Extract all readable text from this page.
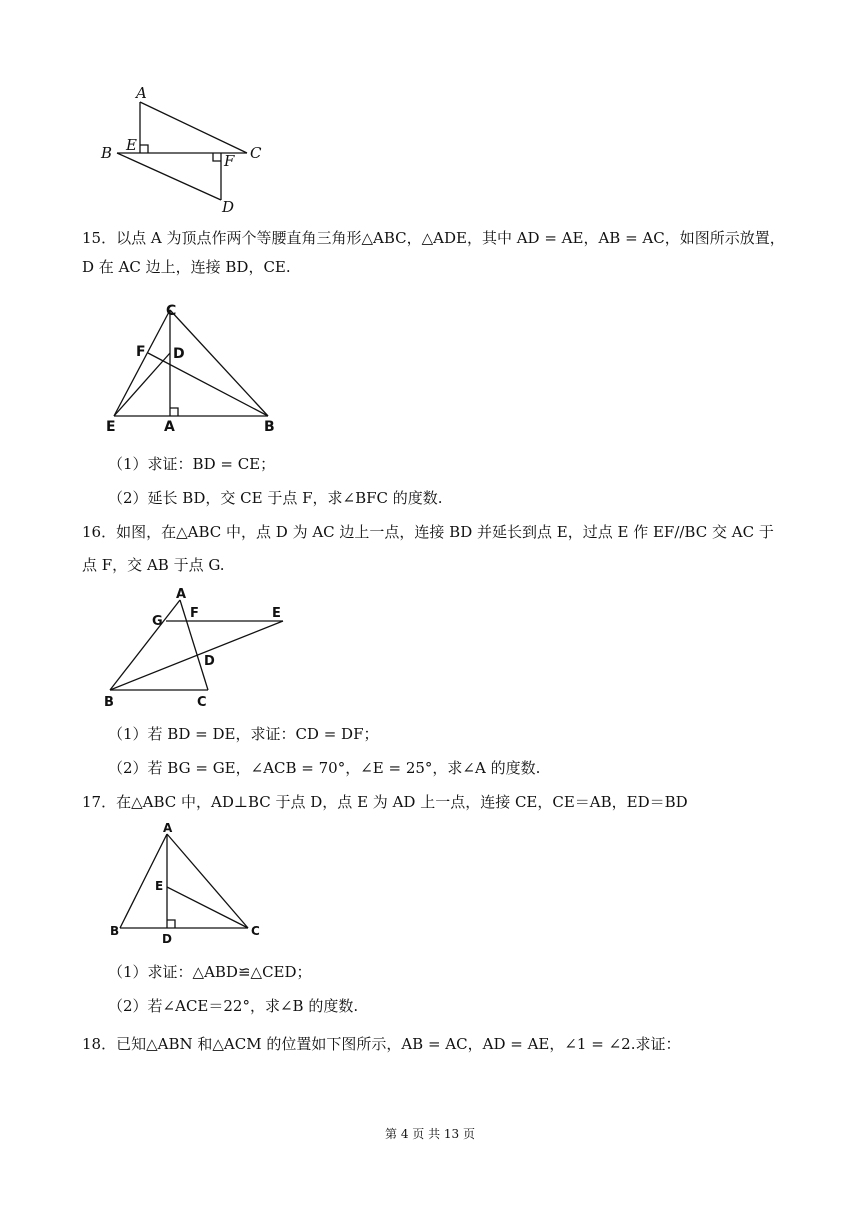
A
B	C
D
E
F
15．以点 A 为顶点作两个等腰直角三角形△ABC，△ADE，其中 AD = AE，AB = AC，如图所示放置，
D 在 AC 边上，连接 BD，CE.
C
F D
E	A	B
（1）求证：BD = CE；
（2）延长 BD，交 CE 于点 F，求∠BFC 的度数.
16．如图，在△ABC 中，点 D 为 AC 边上一点，连接 BD 并延长到点 E，过点 E 作 EF//BC 交 AC 于
点 F，交 AB 于点 G.
A
G
F	E
D
B	C
（1）若 BD = DE，求证：CD = DF；
（2）若 BG = GE，∠ACB = 70°，∠E = 25°，求∠A 的度数.
17．在△ABC 中，AD⊥BC 于点 D，点 E 为 AD 上一点，连接 CE，CE＝AB，ED＝BD
A
E
B
D
C
（1）求证：△ABD≌△CED；
（2）若∠ACE＝22°，求∠B 的度数.
18．已知△ABN 和△ACM 的位置如下图所示，AB = AC，AD = AE，∠1 = ∠2.求证：
第 4 页 共 13 页
